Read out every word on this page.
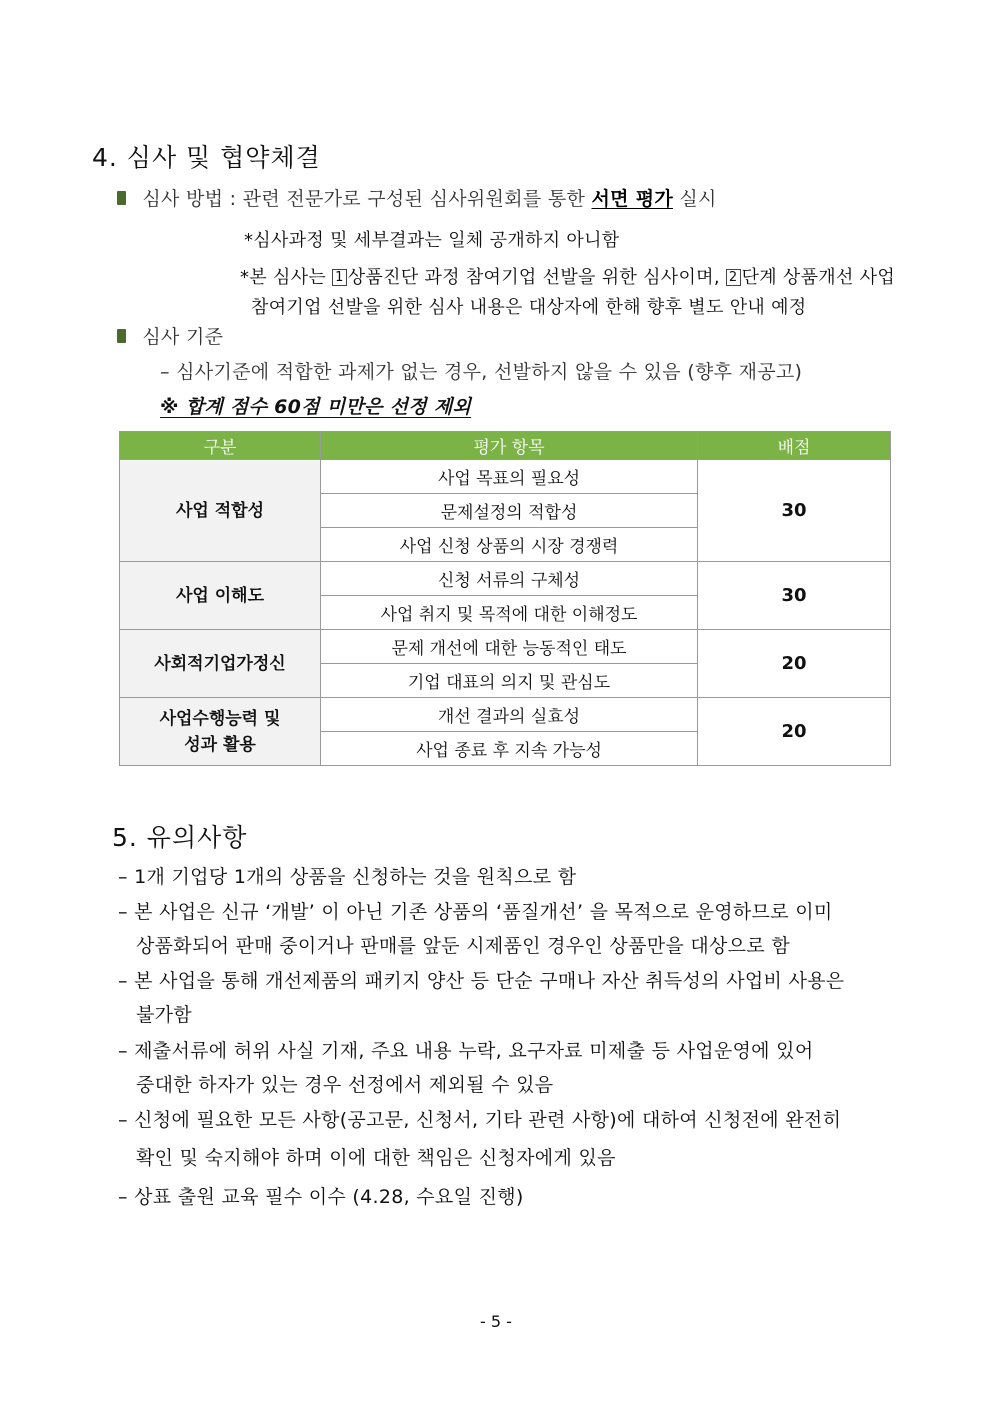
4. 심사 및 협약체결
심사 방법 : 관련 전문가로 구성된 심사위원회를 통한 서면 평가 실시
*심사과정 및 세부결과는 일체 공개하지 아니함
*본 심사는 1 상품진단 과정 참여기업 선발을 위한 심사이며, 2 단계 상품개선 사업
참여기업 선발을 위한 심사 내용은 대상자에 한해 향후 별도 안내 예정
심사 기준
– 심사기준에 적합한 과제가 없는 경우, 선발하지 않을 수 있음 (향후 재공고)
※ 합계 점수 60점 미만은 선정 제외
구분	평가 항목	배점
사업 적합성	사업 목표의 필요성	30
	문제설정의 적합성	
	사업 신청 상품의 시장 경쟁력	
사업 이해도	신청 서류의 구체성	30
	사업 취지 및 목적에 대한 이해정도	
사회적기업가정신	문제 개선에 대한 능동적인 태도	20
	기업 대표의 의지 및 관심도	
사업수행능력 및
성과 활용	개선 결과의 실효성	20
	사업 종료 후 지속 가능성	
5. 유의사항
– 1개 기업당 1개의 상품을 신청하는 것을 원칙으로 함
– 본 사업은 신규 ‘개발’ 이 아닌 기존 상품의 ‘품질개선’ 을 목적으로 운영하므로 이미
상품화되어 판매 중이거나 판매를 앞둔 시제품인 경우인 상품만을 대상으로 함
– 본 사업을 통해 개선제품의 패키지 양산 등 단순 구매나 자산 취득성의 사업비 사용은
불가함
– 제출서류에 허위 사실 기재, 주요 내용 누락, 요구자료 미제출 등 사업운영에 있어
중대한 하자가 있는 경우 선정에서 제외될 수 있음
– 신청에 필요한 모든 사항(공고문, 신청서, 기타 관련 사항)에 대하여 신청전에 완전히
확인 및 숙지해야 하며 이에 대한 책임은 신청자에게 있음
– 상표 출원 교육 필수 이수 (4.28, 수요일 진행)
- 5 -
